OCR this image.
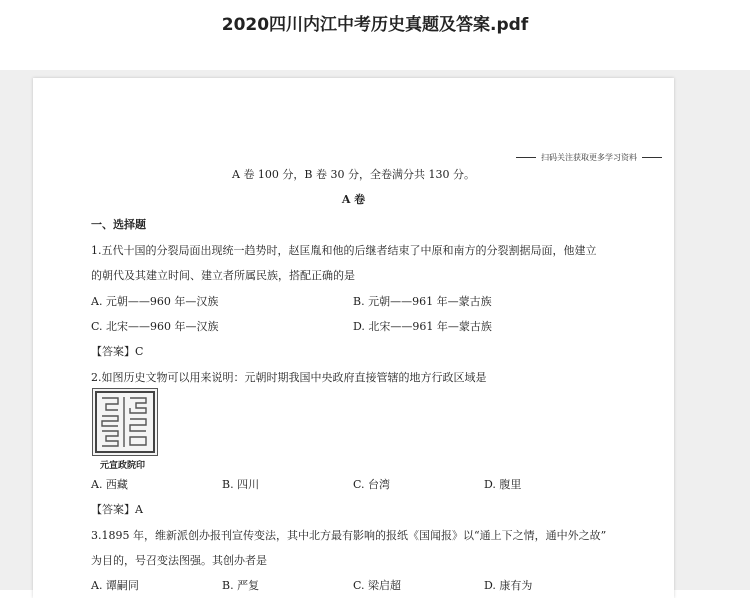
2020四川内江中考历史真题及答案.pdf
扫码关注获取更多学习资料
A 卷 100 分，B 卷 30 分，全卷满分共 130 分。
A 卷
一、选择题
1.五代十国的分裂局面出现统一趋势时，赵匡胤和他的后继者结束了中原和南方的分裂割据局面，他建立
的朝代及其建立时间、建立者所属民族，搭配正确的是
A. 元朝——960 年—汉族	B. 元朝——961 年—蒙古族
C. 北宋——960 年—汉族	D. 北宋——961 年—蒙古族
【答案】C
2.如图历史文物可以用来说明：元朝时期我国中央政府直接管辖的地方行政区域是
元宣政院印
A. 西藏	B. 四川	C. 台湾	D. 腹里
【答案】A
3.1895 年，维新派创办报刊宣传变法，其中北方最有影响的报纸《国闻报》以“通上下之情，通中外之故”
为目的，号召变法图强。其创办者是
A. 谭嗣同	B. 严复	C. 梁启超	D. 康有为
